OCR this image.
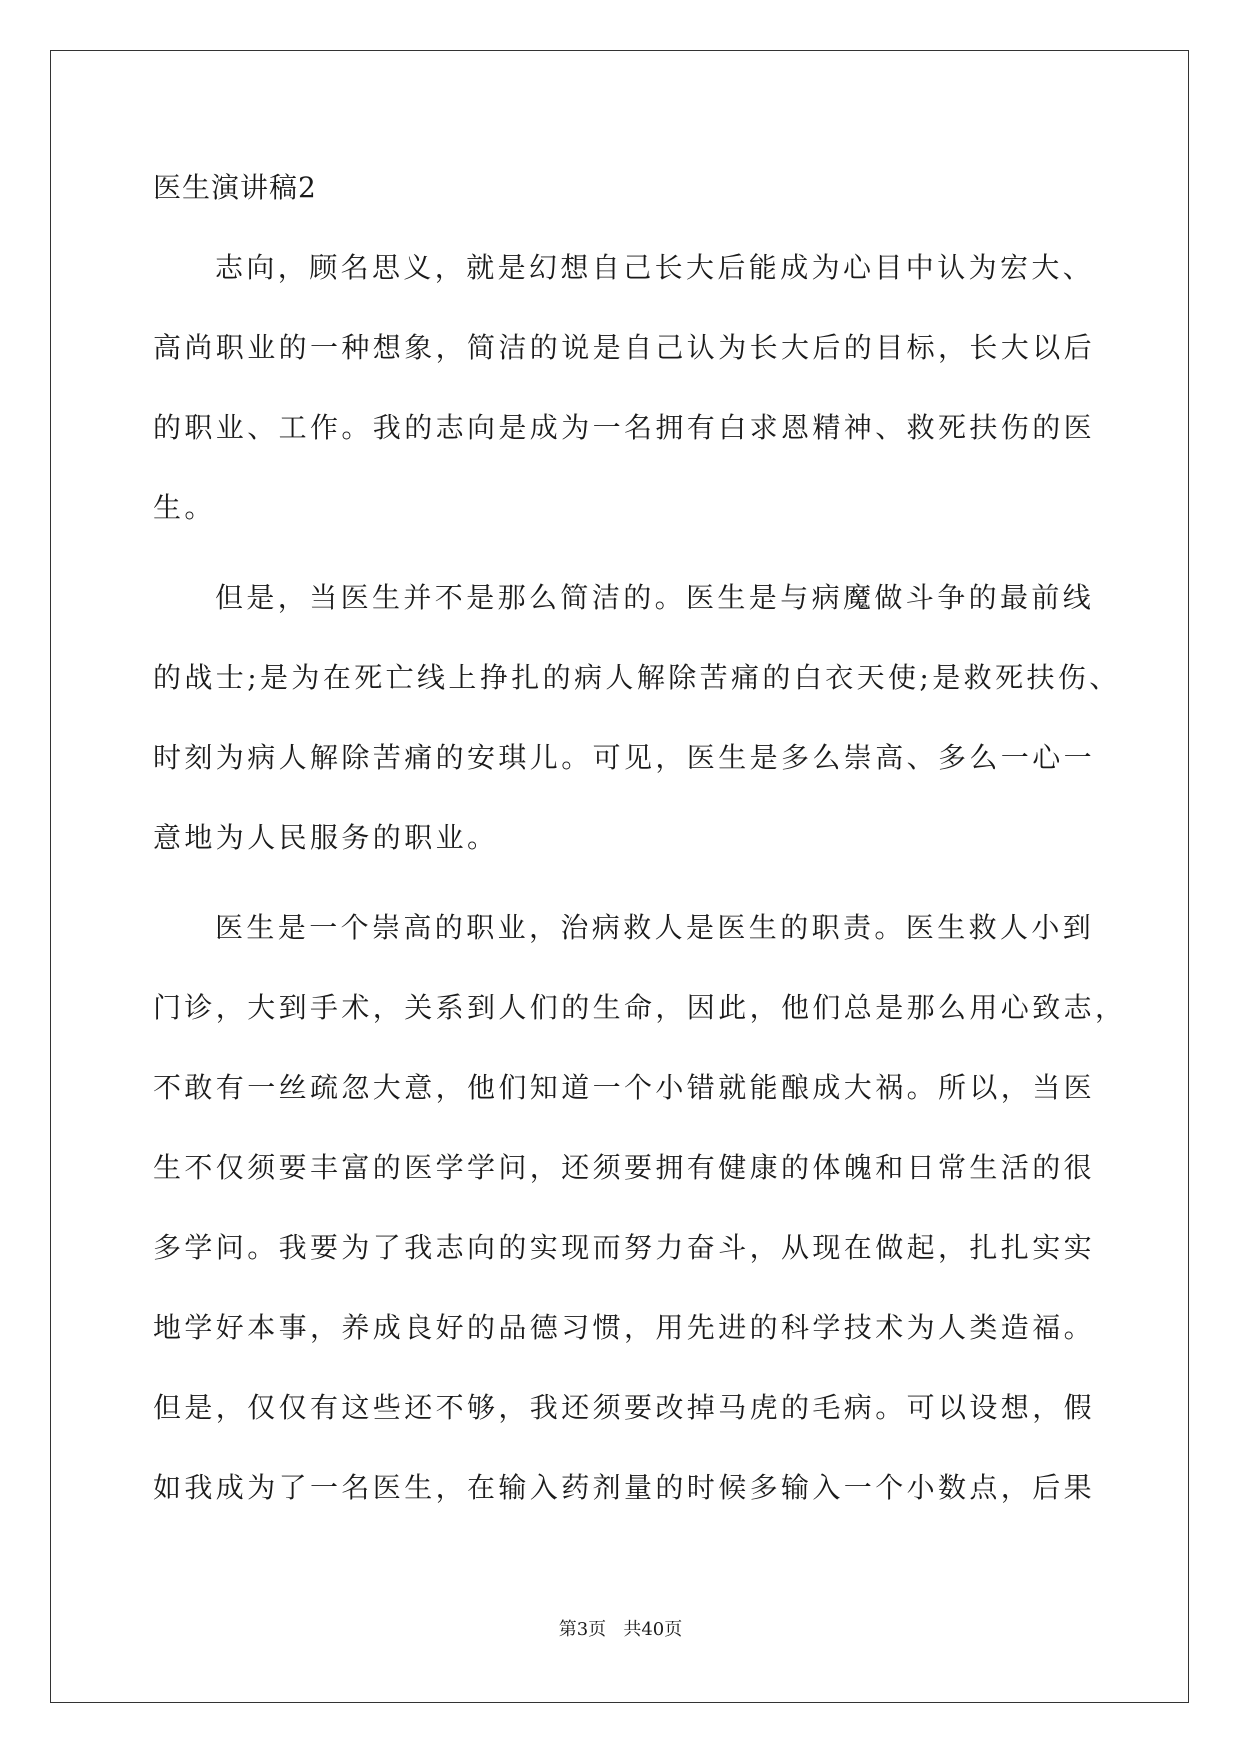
医生演讲稿2
志向，顾名思义，就是幻想自己长大后能成为心目中认为宏大、
高尚职业的一种想象，简洁的说是自己认为长大后的目标，长大以后
的职业、工作。我的志向是成为一名拥有白求恩精神、救死扶伤的医
生。
但是，当医生并不是那么简洁的。医生是与病魔做斗争的最前线
的战士;是为在死亡线上挣扎的病人解除苦痛的白衣天使;是救死扶伤、
时刻为病人解除苦痛的安琪儿。可见，医生是多么崇高、多么一心一
意地为人民服务的职业。
医生是一个崇高的职业，治病救人是医生的职责。医生救人小到
门诊，大到手术，关系到人们的生命，因此，他们总是那么用心致志，
不敢有一丝疏忽大意，他们知道一个小错就能酿成大祸。所以，当医
生不仅须要丰富的医学学问，还须要拥有健康的体魄和日常生活的很
多学问。我要为了我志向的实现而努力奋斗，从现在做起，扎扎实实
地学好本事，养成良好的品德习惯，用先进的科学技术为人类造福。
但是，仅仅有这些还不够，我还须要改掉马虎的毛病。可以设想，假
如我成为了一名医生，在输入药剂量的时候多输入一个小数点，后果
第3页   共40页
